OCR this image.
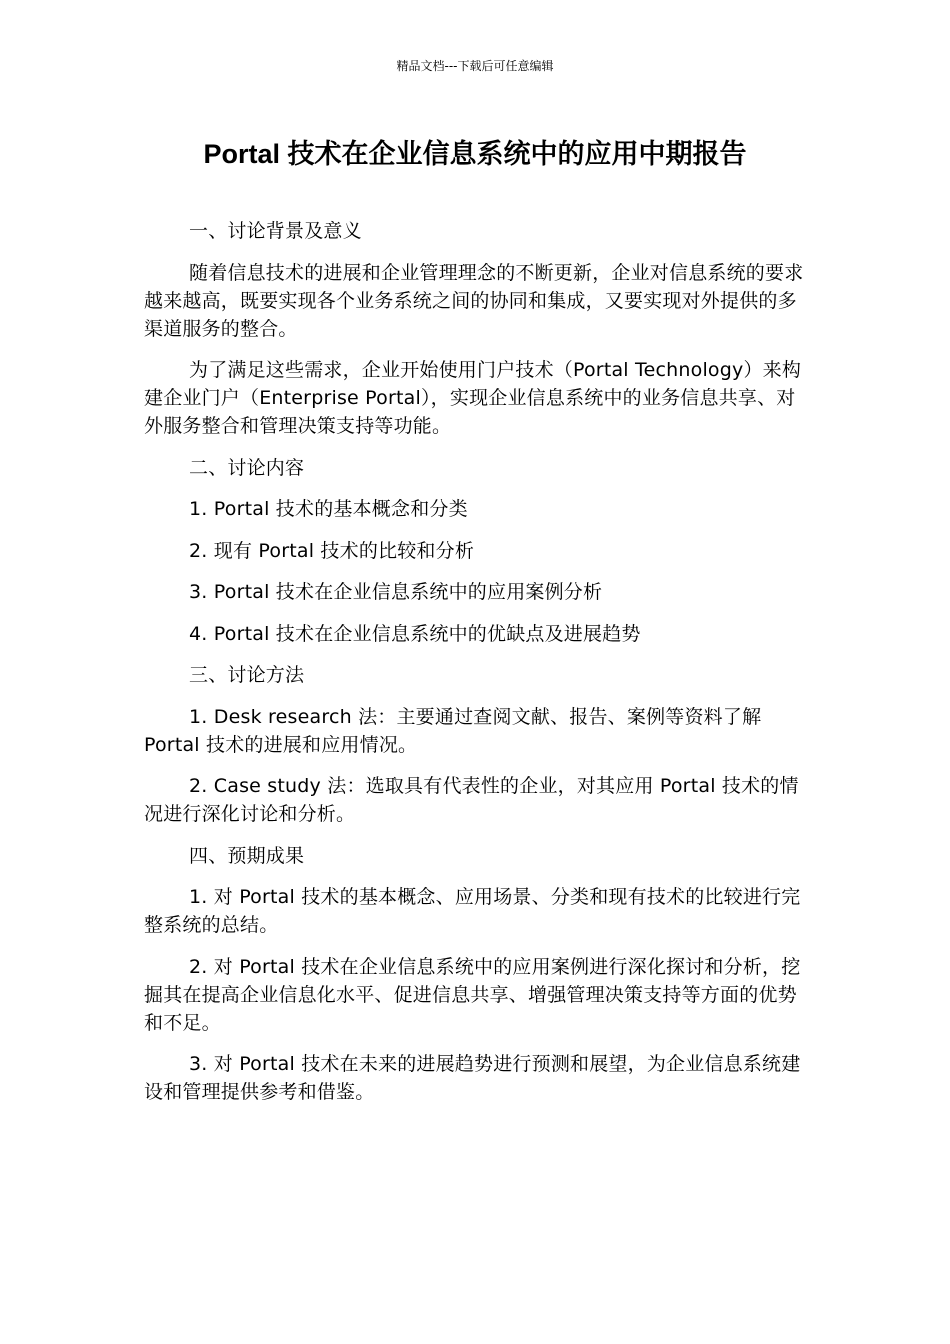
精品文档---下载后可任意编辑
Portal 技术在企业信息系统中的应用中期报告

一、讨论背景及意义

随着信息技术的进展和企业管理理念的不断更新，企业对信息系统的要求越来越高，既要实现各个业务系统之间的协同和集成，又要实现对外提供的多渠道服务的整合。

为了满足这些需求，企业开始使用门户技术（Portal Technology）来构建企业门户（Enterprise Portal），实现企业信息系统中的业务信息共享、对外服务整合和管理决策支持等功能。

二、讨论内容

1. Portal 技术的基本概念和分类

2. 现有 Portal 技术的比较和分析

3. Portal 技术在企业信息系统中的应用案例分析

4. Portal 技术在企业信息系统中的优缺点及进展趋势

三、讨论方法

1. Desk research 法：主要通过查阅文献、报告、案例等资料了解 Portal 技术的进展和应用情况。

2. Case study 法：选取具有代表性的企业，对其应用 Portal 技术的情况进行深化讨论和分析。

四、预期成果

1. 对 Portal 技术的基本概念、应用场景、分类和现有技术的比较进行完整系统的总结。

2. 对 Portal 技术在企业信息系统中的应用案例进行深化探讨和分析，挖掘其在提高企业信息化水平、促进信息共享、增强管理决策支持等方面的优势和不足。

3. 对 Portal 技术在未来的进展趋势进行预测和展望，为企业信息系统建设和管理提供参考和借鉴。
